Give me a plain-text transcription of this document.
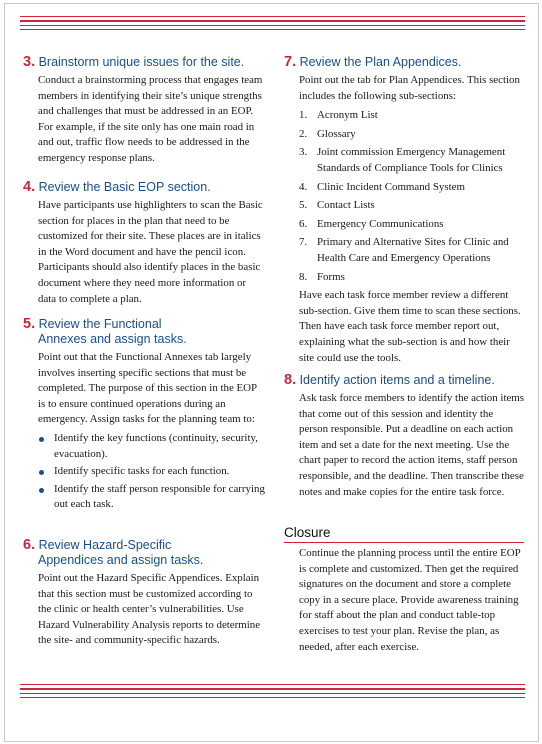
3. Brainstorm unique issues for the site.
Conduct a brainstorming process that engages team members in identifying their site’s unique strengths and challenges that must be addressed in an EOP. For example, if the site only has one main road in and out, traffic flow needs to be addressed in the emergency response plans.
4. Review the Basic EOP section.
Have participants use highlighters to scan the Basic section for places in the plan that need to be customized for their site. These places are in italics in the Word document and have the pencil icon. Participants should also identify places in the basic document where they need more information or data to complete a plan.
5. Review the Functional
Annexes and assign tasks.
Point out that the Functional Annexes tab largely involves inserting specific sections that must be completed. The purpose of this section in the EOP is to ensure continued operations during an emergency. Assign tasks for the planning team to:
Identify the key functions (continuity, security, evacuation).
Identify specific tasks for each function.
Identify the staff person responsible for carrying out each task.
6. Review Hazard-Specific
Appendices and assign tasks.
Point out the Hazard Specific Appendices. Explain that this section must be customized according to the clinic or health center’s vulnerabilities. Use Hazard Vulnerability Analysis reports to determine the site- and community-specific hazards.
7. Review the Plan Appendices.
Point out the tab for Plan Appendices. This section includes the following sub-sections:
1. Acronym List
2. Glossary
3. Joint commission Emergency Management Standards of Compliance Tools for Clinics
4. Clinic Incident Command System
5. Contact Lists
6. Emergency Communications
7. Primary and Alternative Sites for Clinic and Health Care and Emergency Operations
8. Forms
Have each task force member review a different sub-section. Give them time to scan these sections. Then have each task force member report out, explaining what the sub-section is and how their site could use the tools.
8. Identify action items and a timeline.
Ask task force members to identify the action items that come out of this session and identity the person responsible. Put a deadline on each action item and set a date for the next meeting. Use the chart paper to record the action items, staff person responsible, and the deadline. Then transcribe these notes and make copies for the entire task force.
Closure
Continue the planning process until the entire EOP is complete and customized. Then get the required signatures on the document and store a complete copy in a secure place. Provide awareness training for staff about the plan and conduct table-top exercises to test your plan. Revise the plan, as needed, after each exercise.
